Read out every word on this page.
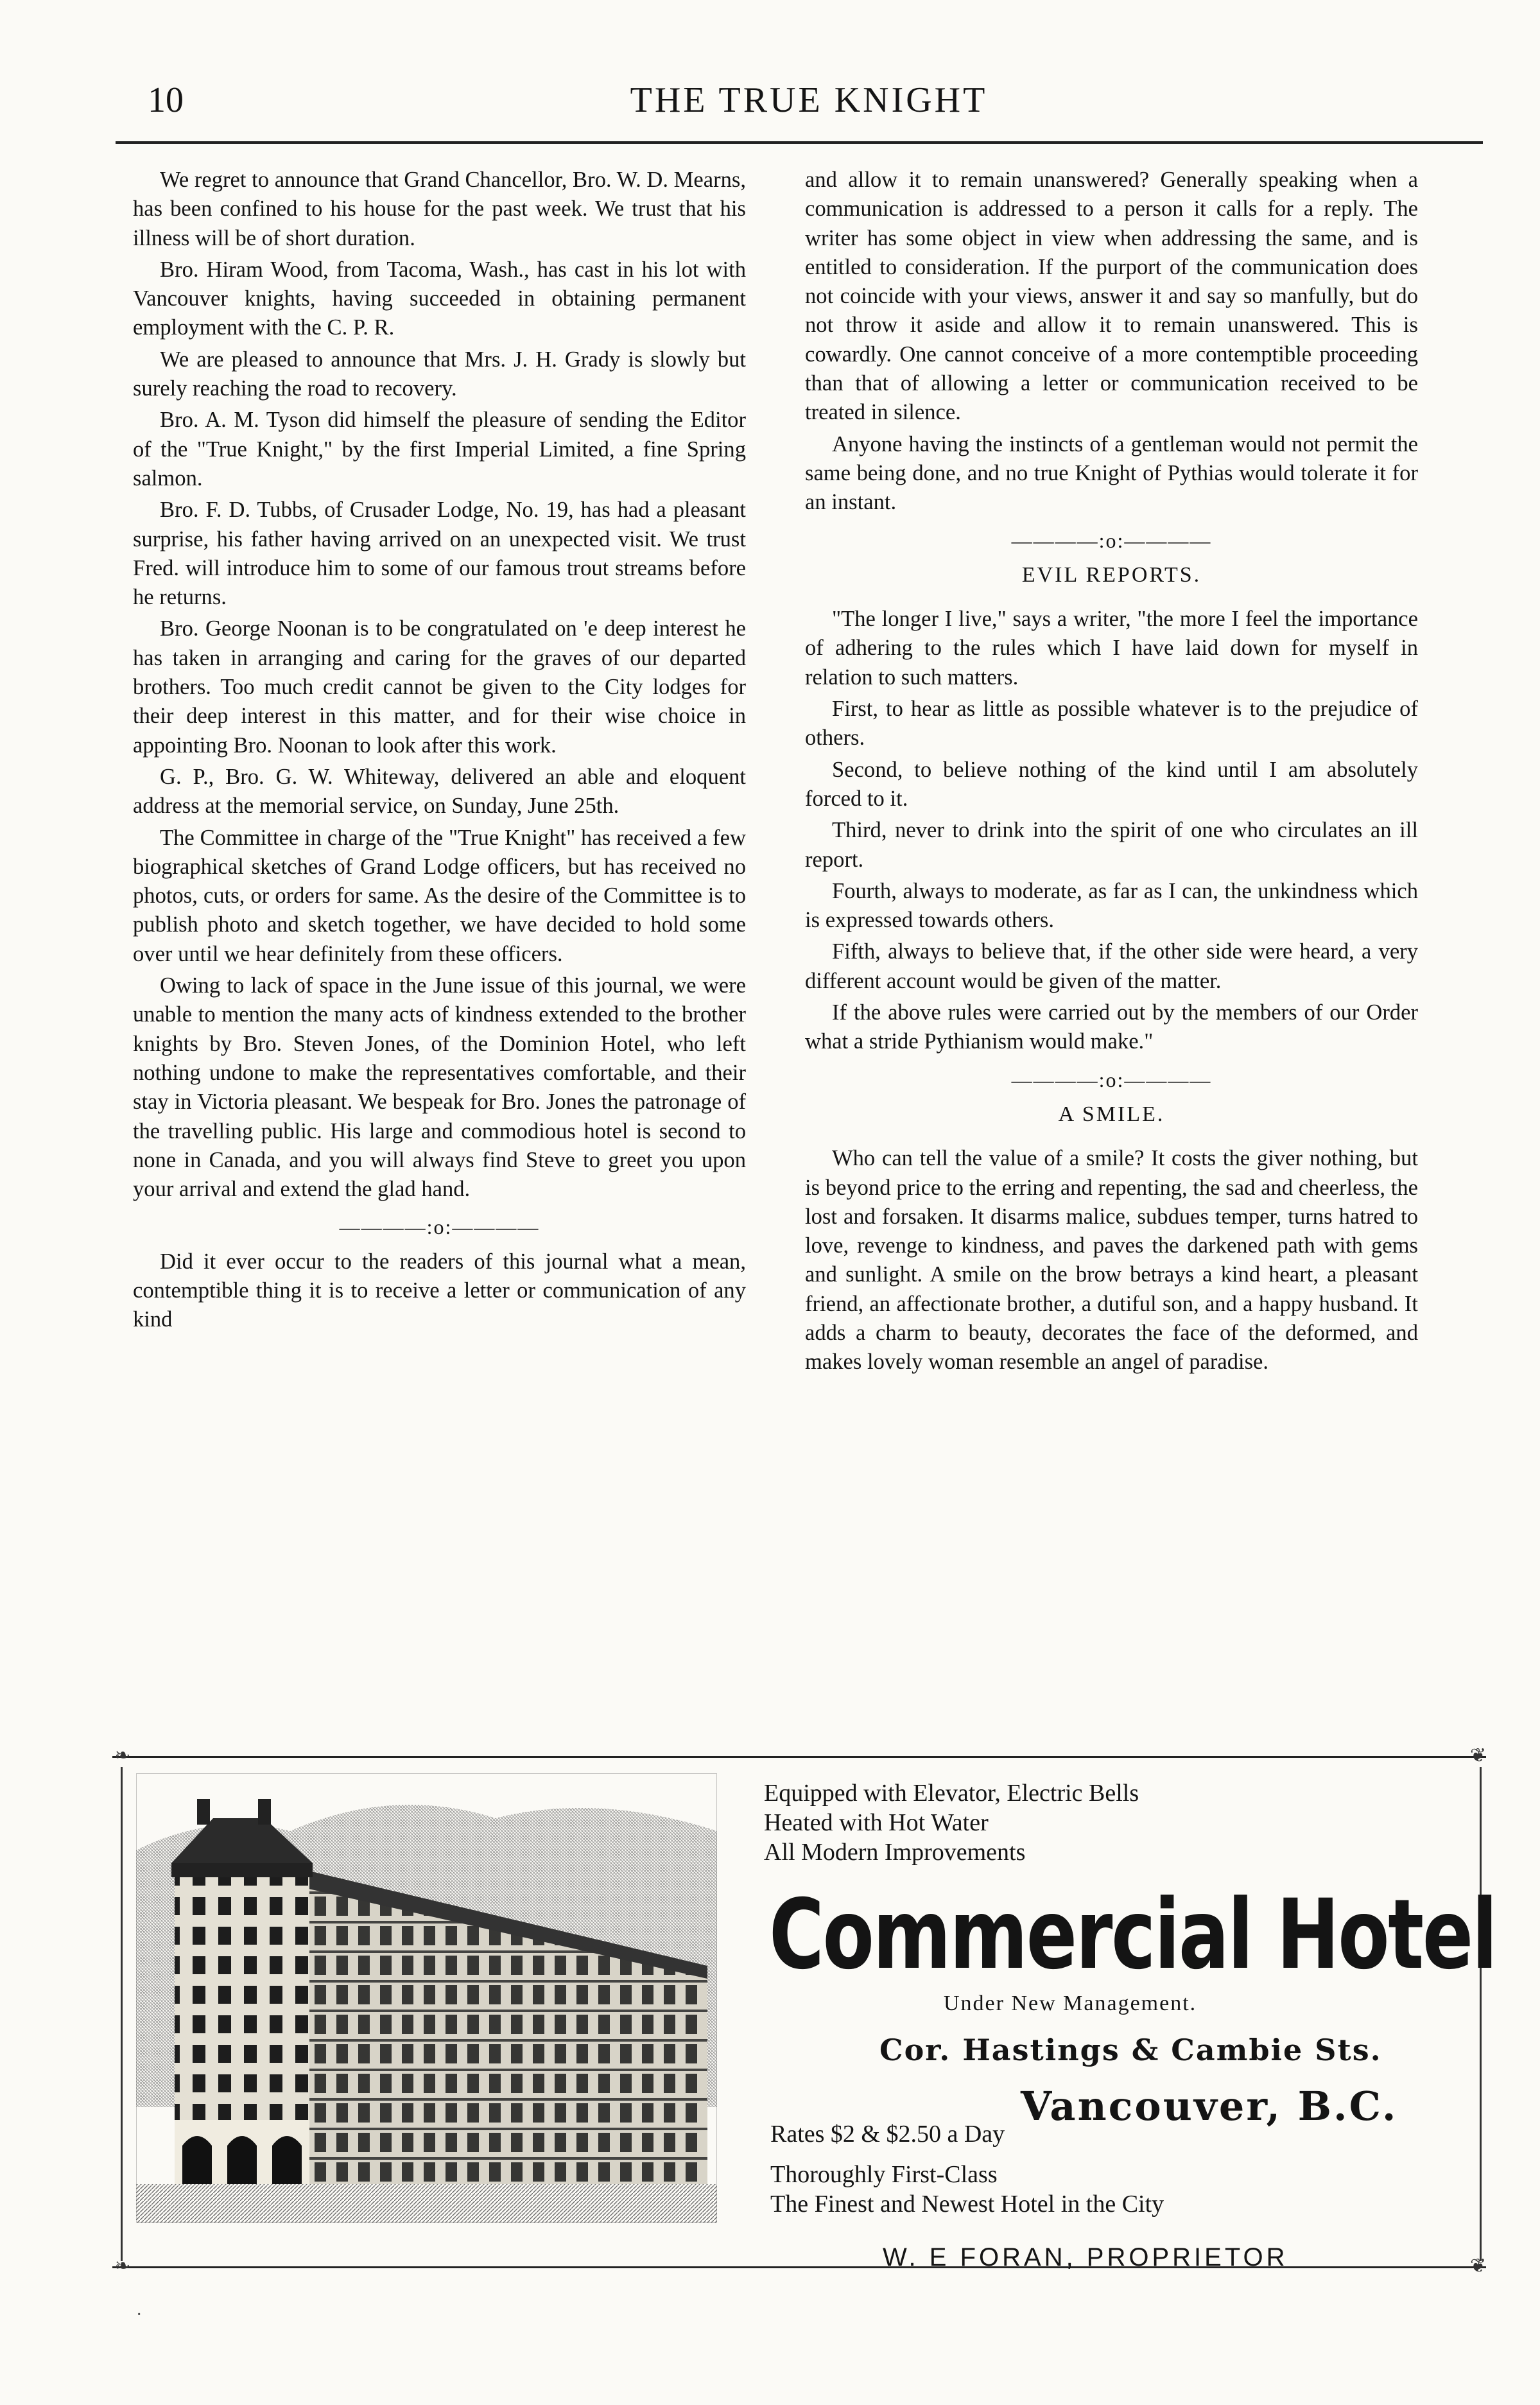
10	THE TRUE KNIGHT

We regret to announce that Grand Chancellor, Bro. W. D. Mearns, has been confined to his house for the past week. We trust that his illness will be of short duration.

Bro. Hiram Wood, from Tacoma, Wash., has cast in his lot with Vancouver knights, having succeeded in obtaining permanent employment with the C. P. R.

We are pleased to announce that Mrs. J. H. Grady is slowly but surely reaching the road to recovery.

Bro. A. M. Tyson did himself the pleasure of sending the Editor of the "True Knight," by the first Imperial Limited, a fine Spring salmon.

Bro. F. D. Tubbs, of Crusader Lodge, No. 19, has had a pleasant surprise, his father having arrived on an unexpected visit. We trust Fred. will introduce him to some of our famous trout streams before he returns.

Bro. George Noonan is to be congratulated on 'e deep interest he has taken in arranging and caring for the graves of our departed brothers. Too much credit cannot be given to the City lodges for their deep interest in this matter, and for their wise choice in appointing Bro. Noonan to look after this work.

G. P., Bro. G. W. Whiteway, delivered an able and eloquent address at the memorial service, on Sunday, June 25th.

The Committee in charge of the "True Knight" has received a few biographical sketches of Grand Lodge officers, but has received no photos, cuts, or orders for same. As the desire of the Committee is to publish photo and sketch together, we have decided to hold some over until we hear definitely from these officers.

Owing to lack of space in the June issue of this journal, we were unable to mention the many acts of kindness extended to the brother knights by Bro. Steven Jones, of the Dominion Hotel, who left nothing undone to make the representatives comfortable, and their stay in Victoria pleasant. We bespeak for Bro. Jones the patronage of the travelling public. His large and commodious hotel is second to none in Canada, and you will always find Steve to greet you upon your arrival and extend the glad hand.

————:o:————

Did it ever occur to the readers of this journal what a mean, contemptible thing it is to receive a letter or communication of any kind

and allow it to remain unanswered? Generally speaking when a communication is addressed to a person it calls for a reply. The writer has some object in view when addressing the same, and is entitled to consideration. If the purport of the communication does not coincide with your views, answer it and say so manfully, but do not throw it aside and allow it to remain unanswered. This is cowardly. One cannot conceive of a more contemptible proceeding than that of allowing a letter or communication received to be treated in silence.

Anyone having the instincts of a gentleman would not permit the same being done, and no true Knight of Pythias would tolerate it for an instant.

————:o:————
EVIL REPORTS.

"The longer I live," says a writer, "the more I feel the importance of adhering to the rules which I have laid down for myself in relation to such matters.

First, to hear as little as possible whatever is to the prejudice of others.

Second, to believe nothing of the kind until I am absolutely forced to it.

Third, never to drink into the spirit of one who circulates an ill report.

Fourth, always to moderate, as far as I can, the unkindness which is expressed towards others.

Fifth, always to believe that, if the other side were heard, a very different account would be given of the matter.

If the above rules were carried out by the members of our Order what a stride Pythianism would make."

————:o:————
A SMILE.

Who can tell the value of a smile? It costs the giver nothing, but is beyond price to the erring and repenting, the sad and cheerless, the lost and forsaken. It disarms malice, subdues temper, turns hatred to love, revenge to kindness, and paves the darkened path with gems and sunlight. A smile on the brow betrays a kind heart, a pleasant friend, an affectionate brother, a dutiful son, and a happy husband. It adds a charm to beauty, decorates the face of the deformed, and makes lovely woman resemble an angel of paradise.

❧	❦
❧	❦
Equipped with Elevator, Electric Bells
Heated with Hot Water
All Modern Improvements
Commercial Hotel
Under New Management.
Cor. Hastings & Cambie Sts.
Vancouver, B.C.
Rates $2 & $2.50 a Day
Thoroughly First-Class
The Finest and Newest Hotel in the City
W. E FORAN, PROPRIETOR
·
